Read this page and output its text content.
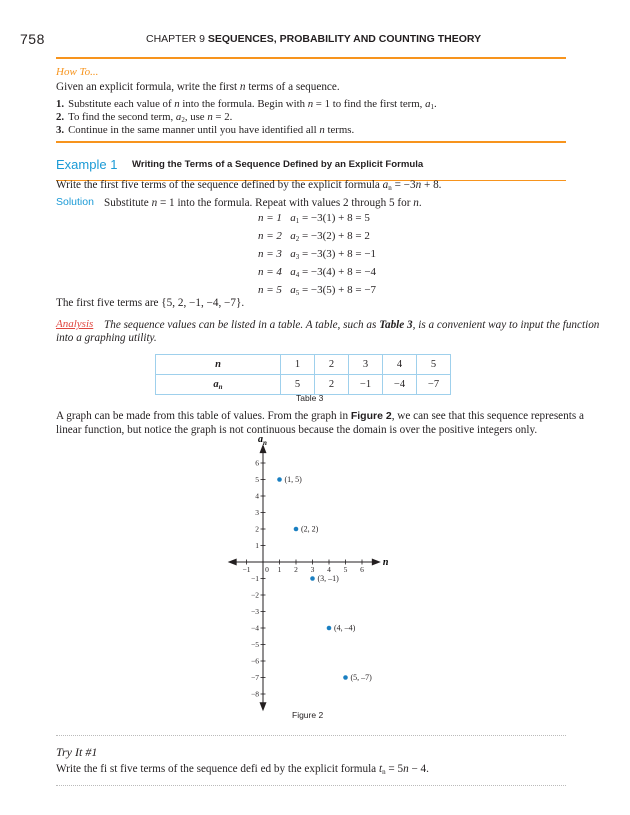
758	CHAPTER 9 SEQUENCES, PROBABILITY AND COUNTING THEORY
How To...
Given an explicit formula, write the first n terms of a sequence.
1. Substitute each value of n into the formula. Begin with n = 1 to find the first term, $a_1$.
2. To find the second term, $a_2$, use n = 2.
3. Continue in the same manner until you have identified all n terms.
Example 1 Writing the Terms of a Sequence Defined by an Explicit Formula
Write the first five terms of the sequence defined by the explicit formula $a_n = -3n + 8$.
Solution Substitute n = 1 into the formula. Repeat with values 2 through 5 for n.
n = 1 $a_1 = -3(1) + 8 = 5$
n = 2 $a_2 = -3(2) + 8 = 2$
n = 3 $a_3 = -3(3) + 8 = -1$
n = 4 $a_4 = -3(4) + 8 = -4$
n = 5 $a_5 = -3(5) + 8 = -7$
The first five terms are {5, 2, −1, −4, −7}.
Analysis The sequence values can be listed in a table. A table, such as Table 3, is a convenient way to input the function
into a graphing utility.
n	1	2	3	4	5
$a_n$	5	2	−1	−4	−7
Table 3
A graph can be made from this table of values. From the graph in Figure 2, we can see that this sequence represents a
linear function, but notice the graph is not continuous because the domain is over the positive integers only.
−1 0 1 2 3 4 5 6
6
5
4
3
2
1
−1
−2
−3
−4
−5
−6
−7
−8
(1, 5)
(2, 2)
(3, –1)
(4, –4)
(5, –7)
n
$a_n$
Figure 2
Try It #1
Write the fi st five terms of the sequence defi ed by the explicit formula $t_n = 5n - 4$.
